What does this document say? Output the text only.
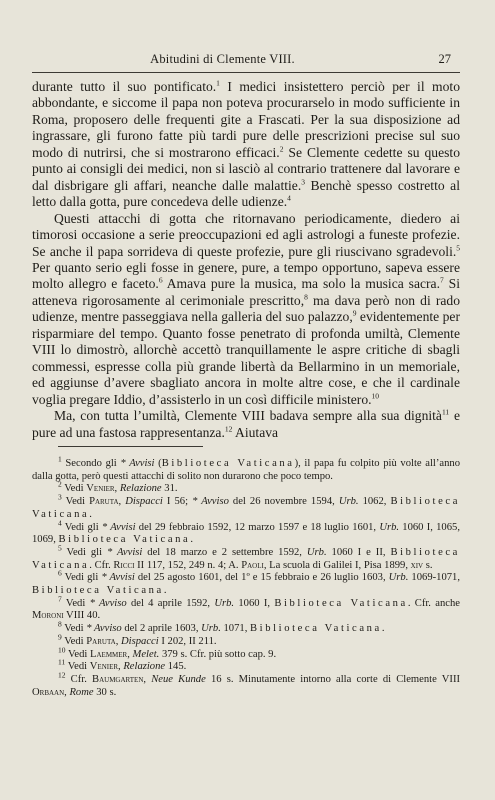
Abitudini di Clemente VIII.	27

durante tutto il suo pontificato.$^1$ I medici insistettero perciò per il moto abbondante, e siccome il papa non poteva procurarselo in modo sufficiente in Roma, proposero delle frequenti gite a Frascati. Per la sua disposizione ad ingrassare, gli furono fatte più tardi pure delle prescrizioni precise sul suo modo di nutrirsi, che si mostrarono efficaci.$^2$ Se Clemente cedette su questo punto ai consigli dei medici, non si lasciò al contrario trattenere dal lavorare e dal disbrigare gli affari, neanche dalle malattie.$^3$ Benchè spesso costretto al letto dalla gotta, pure concedeva delle udienze.$^4$

Questi attacchi di gotta che ritornavano periodicamente, diedero ai timorosi occasione a serie preoccupazioni ed agli astrologi a funeste profezie. Se anche il papa sorrideva di queste profezie, pure gli riuscivano sgradevoli.$^5$ Per quanto serio egli fosse in genere, pure, a tempo opportuno, sapeva essere molto allegro e faceto.$^6$ Amava pure la musica, ma solo la musica sacra.$^7$ Si atteneva rigorosamente al cerimoniale prescritto,$^8$ ma dava però non di rado udienze, mentre passeggiava nella galleria del suo palazzo,$^9$ evidentemente per risparmiare del tempo. Quanto fosse penetrato di profonda umiltà, Clemente VIII lo dimostrò, allorchè accettò tranquillamente le aspre critiche di sbagli commessi, espresse colla più grande libertà da Bellarmino in un memoriale, ed aggiunse d’avere sbagliato ancora in molte altre cose, e che il cardinale voglia pregare Iddio, d’assisterlo in un così difficile ministero.$^{10}$

Ma, con tutta l’umiltà, Clemente VIII badava sempre alla sua dignità$^{11}$ e pure ad una fastosa rappresentanza.$^{12}$ Aiutava

$^1$ Secondo gli * Avvisi (Biblioteca Vaticana), il papa fu colpito più volte all’anno dalla gotta, però questi attacchi di solito non durarono che poco tempo.

$^2$ Vedi Venier, Relazione 31.

$^3$ Vedi Paruta, Dispacci I 56; * Avviso del 26 novembre 1594, Urb. 1062, Biblioteca Vaticana.

$^4$ Vedi gli * Avvisi del 29 febbraio 1592, 12 marzo 1597 e 18 luglio 1601, Urb. 1060 I, 1065, 1069, Biblioteca Vaticana.

$^5$ Vedi gli * Avvisi del 18 marzo e 2 settembre 1592, Urb. 1060 I e II, Biblioteca Vaticana. Cfr. Ricci II 117, 152, 249 n. 4; A. Paoli, La scuola di Galilei I, Pisa 1899, xiv s.

$^6$ Vedi gli * Avvisi del 25 agosto 1601, del 1º e 15 febbraio e 26 luglio 1603, Urb. 1069-1071, Biblioteca Vaticana.

$^7$ Vedi * Avviso del 4 aprile 1592, Urb. 1060 I, Biblioteca Vaticana. Cfr. anche Moroni VIII 40.

$^8$ Vedi * Avviso del 2 aprile 1603, Urb. 1071, Biblioteca Vaticana.

$^9$ Vedi Paruta, Dispacci I 202, II 211.

$^{10}$ Vedi Laemmer, Melet. 379 s. Cfr. più sotto cap. 9.

$^{11}$ Vedi Venier, Relazione 145.

$^{12}$ Cfr. Baumgarten, Neue Kunde 16 s. Minutamente intorno alla corte di Clemente VIII Orbaan, Rome 30 s.
